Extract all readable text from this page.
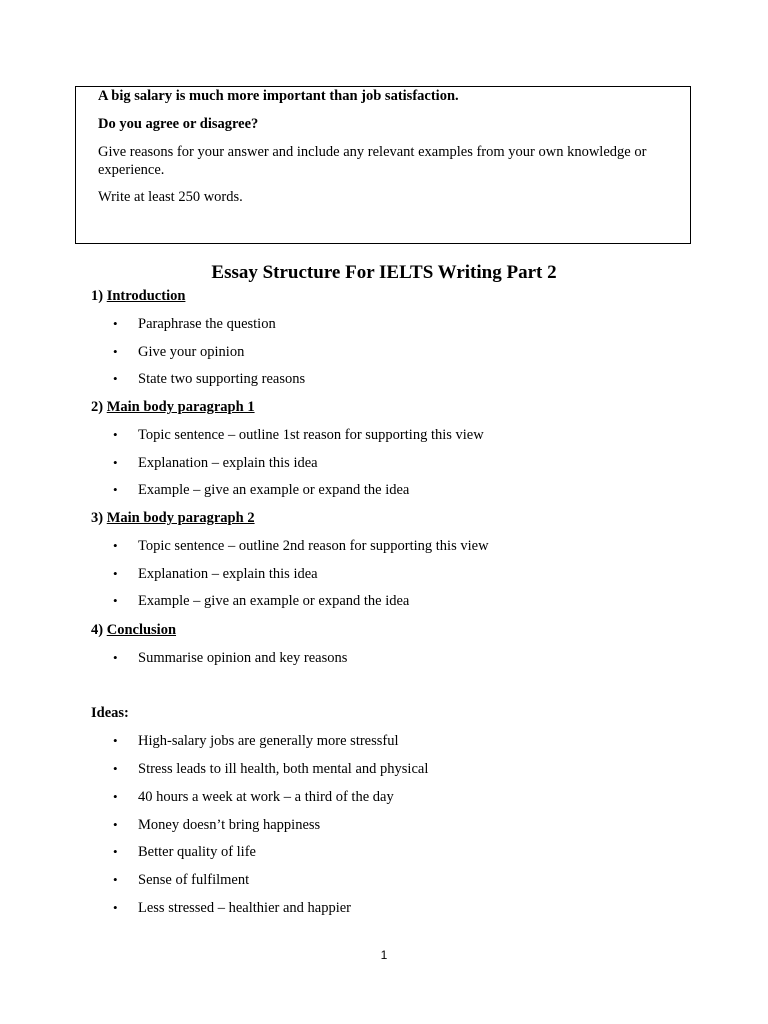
A big salary is much more important than job satisfaction.

Do you agree or disagree?

Give reasons for your answer and include any relevant examples from your own knowledge or experience.

Write at least 250 words.

Essay Structure For IELTS Writing Part 2

1) Introduction

• Paraphrase the question

• Give your opinion

• State two supporting reasons

2) Main body paragraph 1

• Topic sentence – outline 1st reason for supporting this view

• Explanation – explain this idea

• Example – give an example or expand the idea

3) Main body paragraph 2

• Topic sentence – outline 2nd reason for supporting this view

• Explanation – explain this idea

• Example – give an example or expand the idea

4) Conclusion

• Summarise opinion and key reasons

Ideas:

• High-salary jobs are generally more stressful

• Stress leads to ill health, both mental and physical

• 40 hours a week at work – a third of the day

• Money doesn’t bring happiness

• Better quality of life

• Sense of fulfilment

• Less stressed – healthier and happier

1
